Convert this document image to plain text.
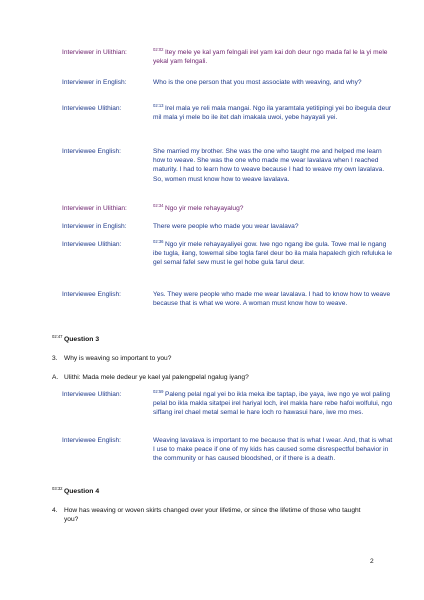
Interviewer in Ulithian:	$^{02:02}$ Itey mele ye kal yam felngali irel yam kai doh deur ngo mada fal le la yi mele yekal yam felngali.
Interviewer in English:	Who is the one person that you most associate with weaving, and why?
Interviewee Ulithian:	$^{02:13}$ Irel mala ye reli mala mangai. Ngo ila yaramtala yetitipingi yei bo ibegula deur mil mala yi mele bo ile itet dah imakala uwoi, yebe hayayali yei.
Interviewee English:	She married my brother. She was the one who taught me and helped me learn how to weave. She was the one who made me wear lavalava when I reached maturity. I had to learn how to weave because I had to weave my own lavalava. So, women must know how to weave lavalava.
Interviewer in Ulithian:	$^{02:34}$ Ngo yir mele rehayayalug?
Interviewer in English:	There were people who made you wear lavalava?
Interviewee Ulithian:	$^{02:36}$ Ngo yir mele rehayayaliyei gow. Iwe ngo ngang ibe gula. Towe mal le ngang ibe tugla, ilang, towemal sibe togla farel deur bo ila mala hapalech gich refuluka le gel semal fafel sew must le gel hobe gula farul deur.
Interviewee English:	Yes. They were people who made me wear lavalava. I had to know how to weave because that is what we wore. A woman must know how to weave.
$^{02:47}$ Question 3
3. Why is weaving so important to you?
A. Ulithi: Mada mele dedeur ye kael yal palengpelal ngalug iyang?
Interviewee Ulithian:	$^{02:59}$ Paleng pelal ngal yei bo ikla meka ibe taptap, ibe yaya, iwe ngo ye wol paling pelal bo ikla makla sitatpei irel hariyal loch, irel makla hare rebe hafoi wolfului, ngo siffang irel chael metal semal le hare loch ro hawasui hare, iwe mo mes.
Interviewee English:	Weaving lavalava is important to me because that is what I wear. And, that is what I use to make peace if one of my kids has caused some disrespectful behavior in the community or has caused bloodshed, or if there is a death.
$^{03:32}$ Question 4
4. How has weaving or woven skirts changed over your lifetime, or since the lifetime of those who taught you?
2
